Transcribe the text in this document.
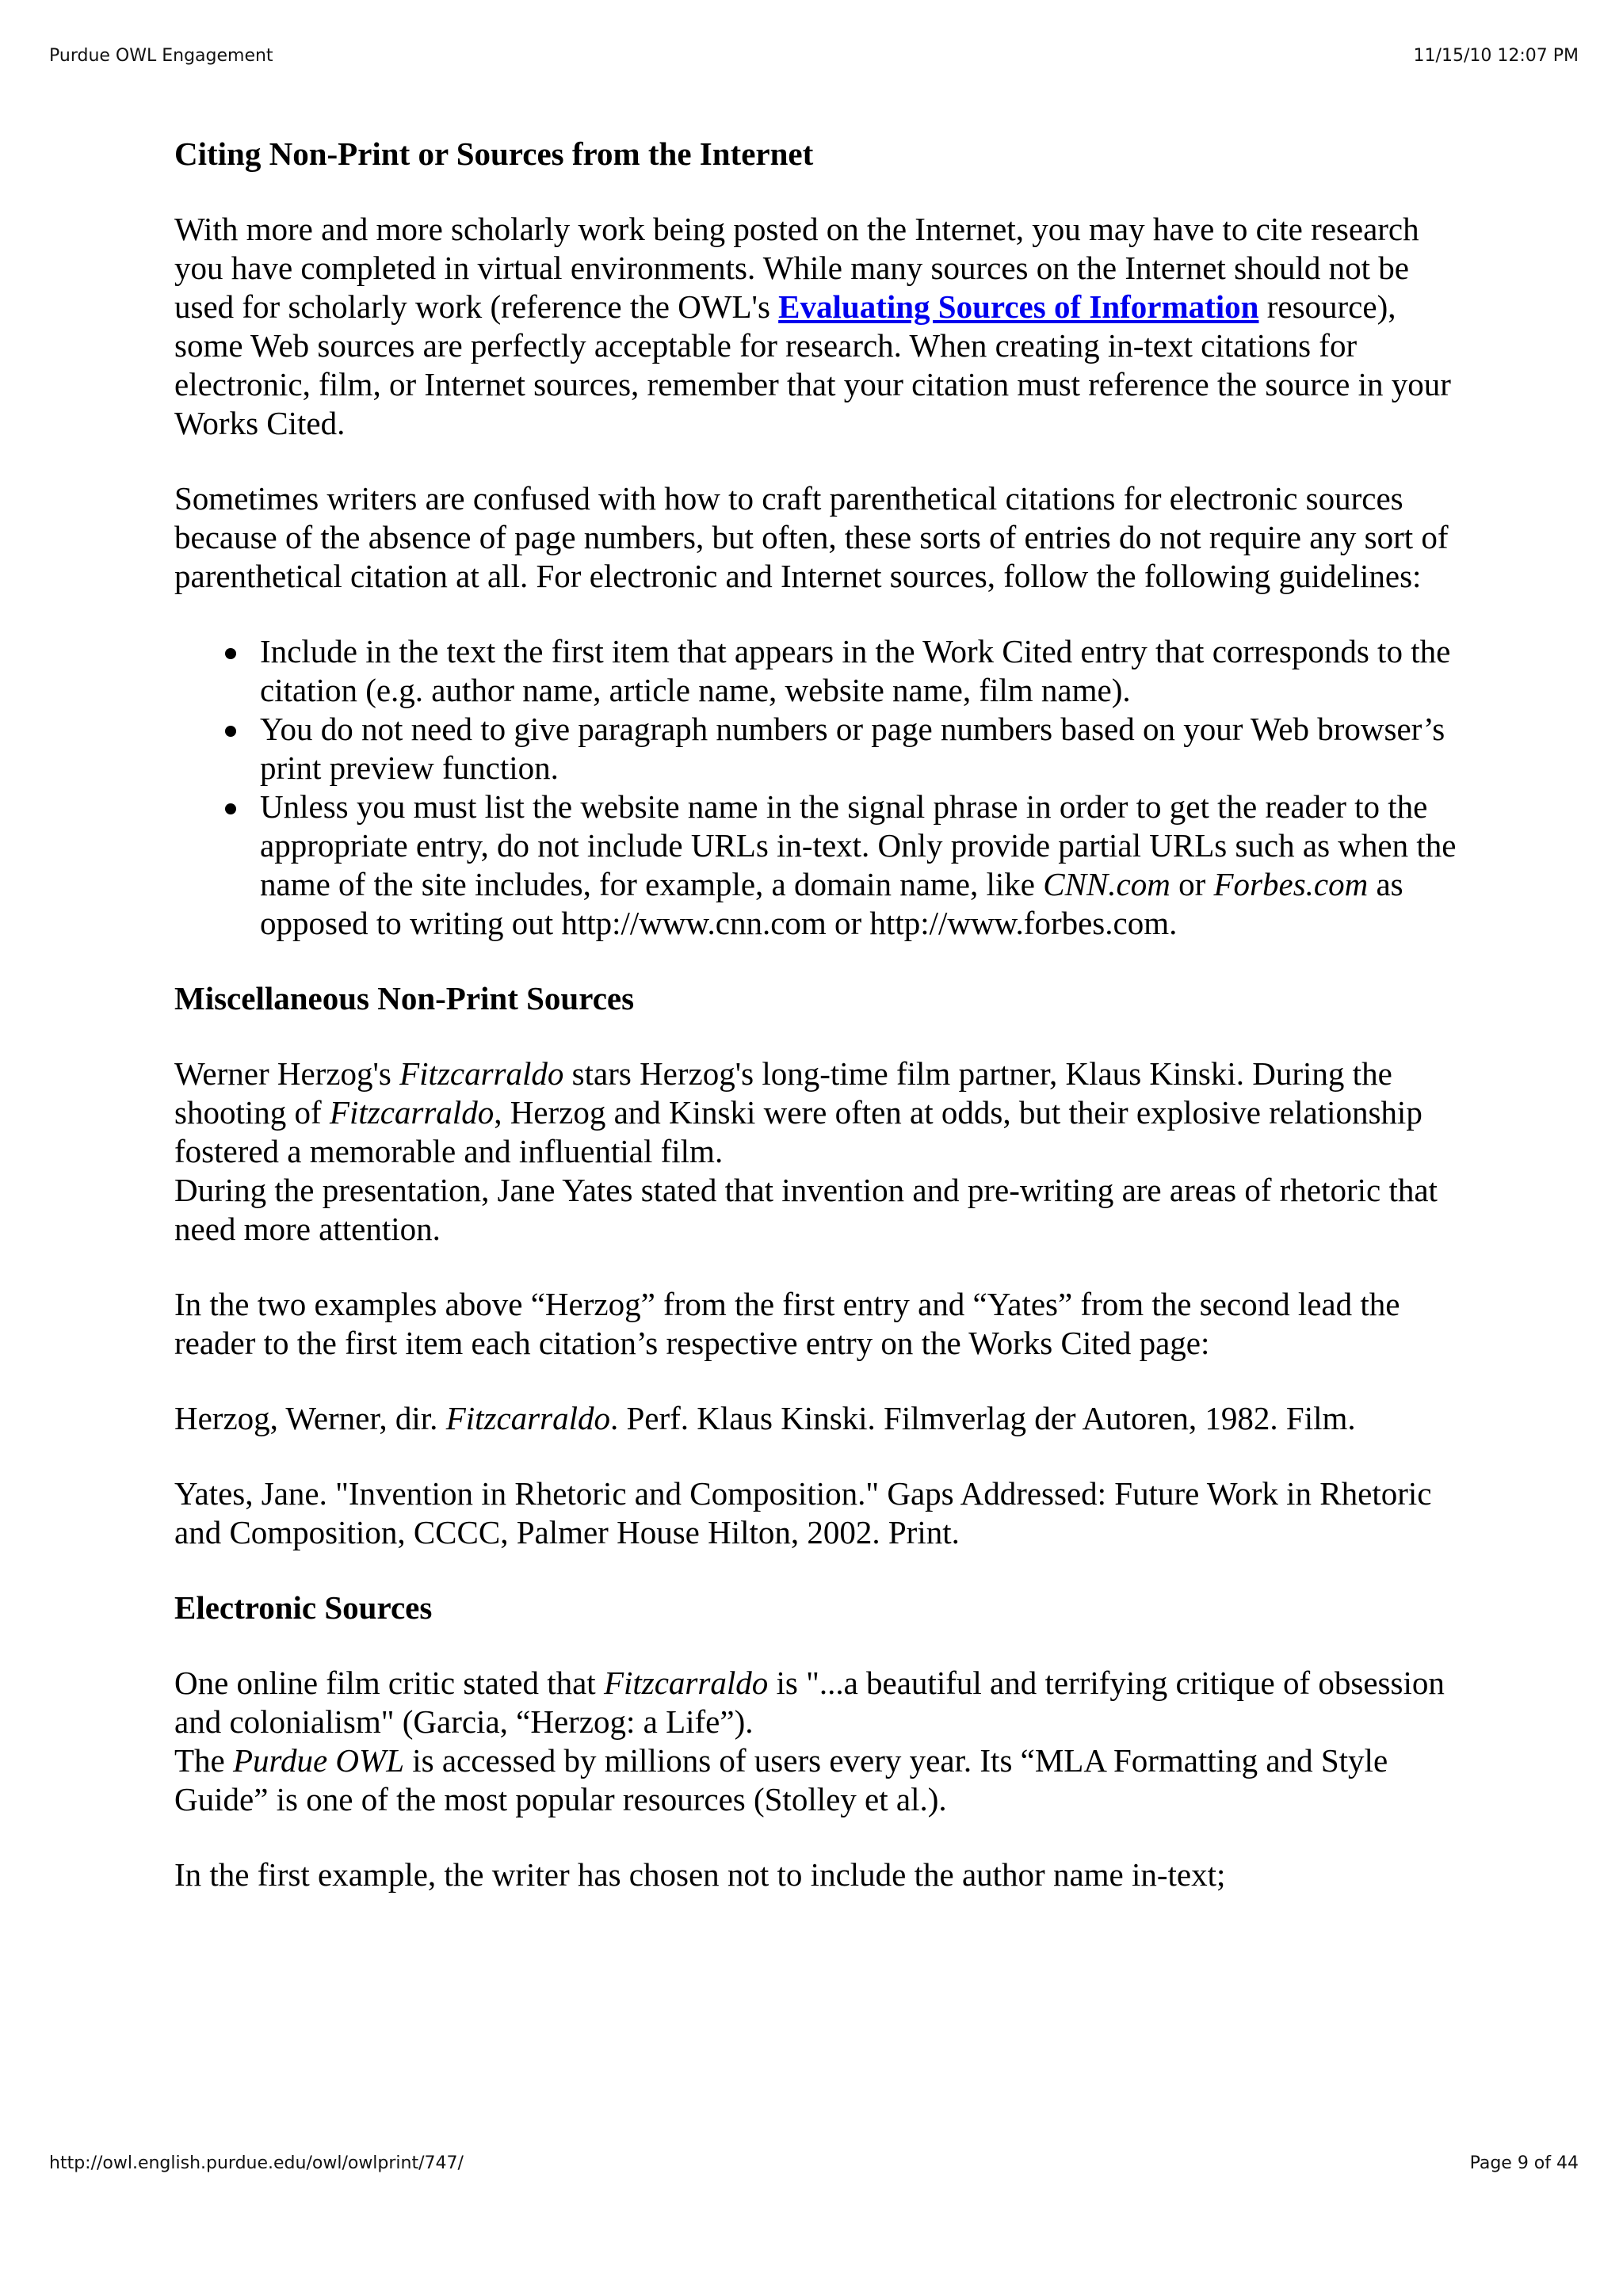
Purdue OWL Engagement	11/15/10 12:07 PM
Citing Non-Print or Sources from the Internet

With more and more scholarly work being posted on the Internet, you may have to cite research you have completed in virtual environments. While many sources on the Internet should not be used for scholarly work (reference the OWL's Evaluating Sources of Information resource), some Web sources are perfectly acceptable for research. When creating in-text citations for electronic, film, or Internet sources, remember that your citation must reference the source in your Works Cited.

Sometimes writers are confused with how to craft parenthetical citations for electronic sources because of the absence of page numbers, but often, these sorts of entries do not require any sort of parenthetical citation at all. For electronic and Internet sources, follow the following guidelines:

Include in the text the first item that appears in the Work Cited entry that corresponds to the citation (e.g. author name, article name, website name, film name).
You do not need to give paragraph numbers or page numbers based on your Web browser’s print preview function.
Unless you must list the website name in the signal phrase in order to get the reader to the appropriate entry, do not include URLs in-text. Only provide partial URLs such as when the name of the site includes, for example, a domain name, like CNN.com or Forbes.com as opposed to writing out http://www.cnn.com or http://www.forbes.com.
Miscellaneous Non-Print Sources

Werner Herzog's Fitzcarraldo stars Herzog's long-time film partner, Klaus Kinski. During the shooting of Fitzcarraldo, Herzog and Kinski were often at odds, but their explosive relationship fostered a memorable and influential film.

During the presentation, Jane Yates stated that invention and pre-writing are areas of rhetoric that need more attention.

In the two examples above “Herzog” from the first entry and “Yates” from the second lead the reader to the first item each citation’s respective entry on the Works Cited page:

Herzog, Werner, dir. Fitzcarraldo. Perf. Klaus Kinski. Filmverlag der Autoren, 1982. Film.

Yates, Jane. "Invention in Rhetoric and Composition." Gaps Addressed: Future Work in Rhetoric and Composition, CCCC, Palmer House Hilton, 2002. Print.

Electronic Sources

One online film critic stated that Fitzcarraldo is "...a beautiful and terrifying critique of obsession and colonialism" (Garcia, “Herzog: a Life”).

The Purdue OWL is accessed by millions of users every year. Its “MLA Formatting and Style Guide” is one of the most popular resources (Stolley et al.).

In the first example, the writer has chosen not to include the author name in-text;

http://owl.english.purdue.edu/owl/owlprint/747/	Page 9 of 44
